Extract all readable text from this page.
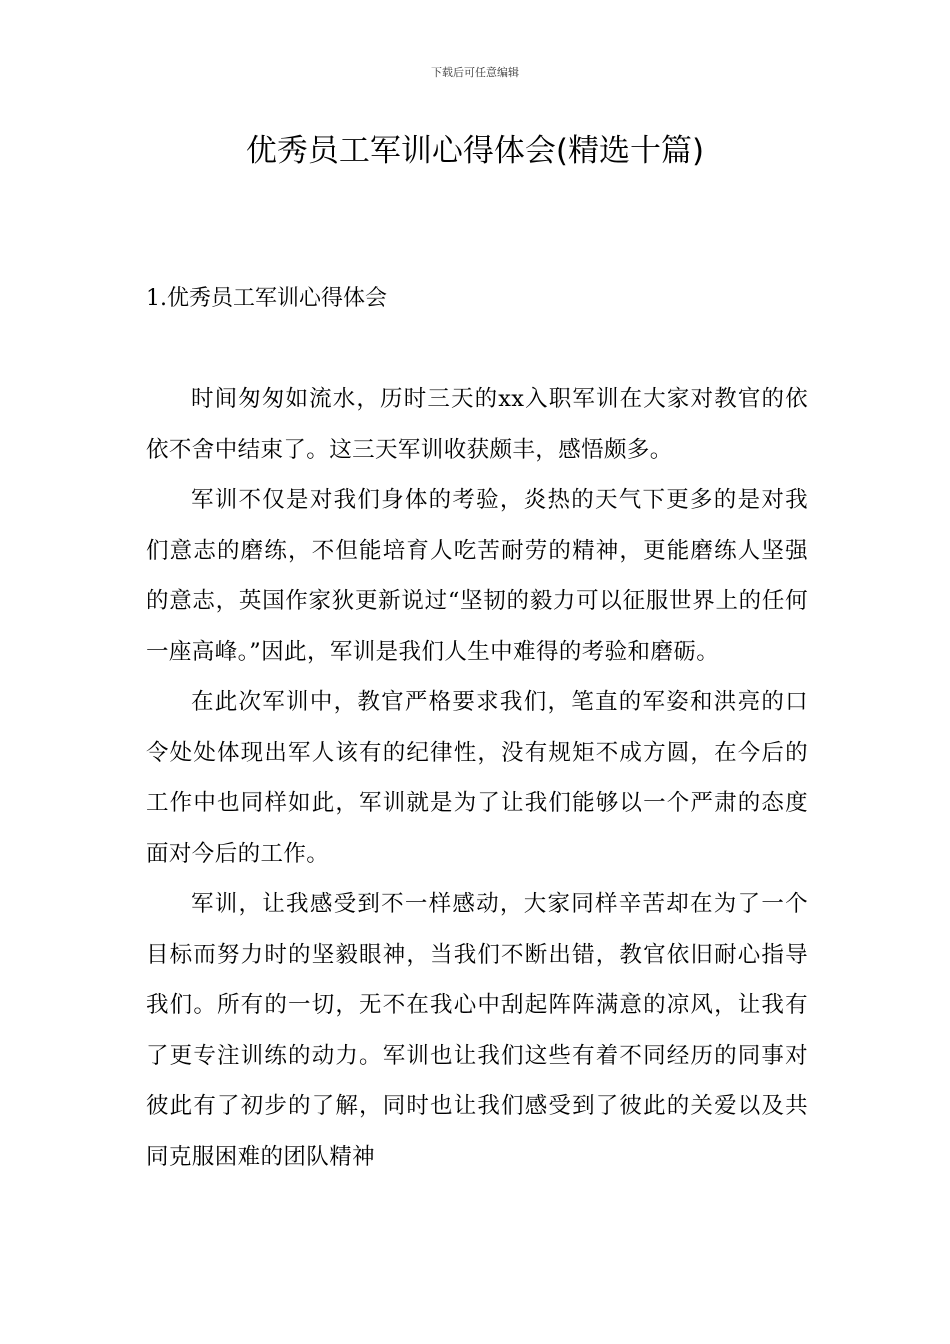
下载后可任意编辑
优秀员工军训心得体会(精选十篇)
1.优秀员工军训心得体会

时间匆匆如流水，历时三天的xx入职军训在大家对教官的依依不舍中结束了。这三天军训收获颇丰，感悟颇多。

军训不仅是对我们身体的考验，炎热的天气下更多的是对我们意志的磨练，不但能培育人吃苦耐劳的精神，更能磨练人坚强的意志，英国作家狄更新说过“坚韧的毅力可以征服世界上的任何一座高峰。”因此，军训是我们人生中难得的考验和磨砺。

在此次军训中，教官严格要求我们，笔直的军姿和洪亮的口令处处体现出军人该有的纪律性，没有规矩不成方圆，在今后的工作中也同样如此，军训就是为了让我们能够以一个严肃的态度面对今后的工作。

军训，让我感受到不一样感动，大家同样辛苦却在为了一个目标而努力时的坚毅眼神，当我们不断出错，教官依旧耐心指导我们。所有的一切，无不在我心中刮起阵阵满意的凉风，让我有了更专注训练的动力。军训也让我们这些有着不同经历的同事对彼此有了初步的了解，同时也让我们感受到了彼此的关爱以及共同克服困难的团队精神
